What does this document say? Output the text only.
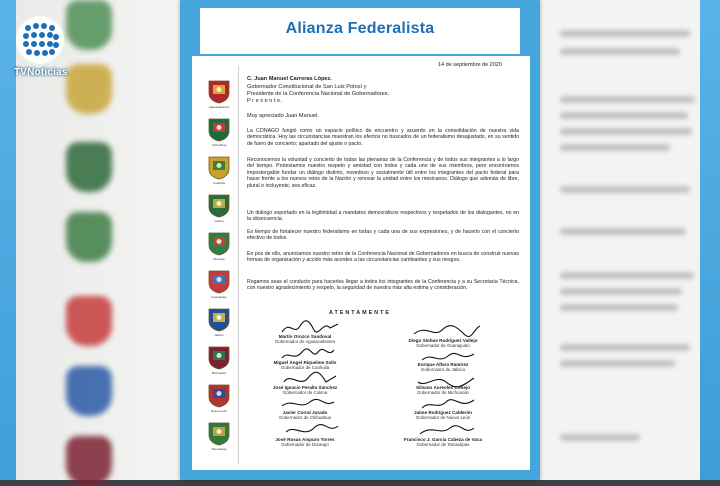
TVNoticias
Alianza Federalista
Aguascalientes
Chihuahua
Coahuila
Colima
Durango
Guanajuato
Jalisco
Michoacán
Nuevo León
Tamaulipas
14 de septiembre de 2020
C. Juan Manuel Carreras López.
Gobernador Constitucional de San Luis Potosí y
Presidente de la Conferencia Nacional de Gobernadores.
P r e s e n t e.
Muy apreciado Juan Manuel.
La CONAGO fungió como un espacio político de encuentro y acuerdo en la consolidación de nuestra vida democrática. Hoy las circunstancias muestran los efectos no buscados de un federalismo desajustado, en su sentido de fuero de concierto; apartado del ajuste o pacto.
Reconocemos la voluntad y concierto de todas las plenarias de la Conferencia y de todos sus integrantes a lo largo del tiempo. Protestamos nuestro respeto y amistad con todos y cada uno de sus miembros, pero encontramos impostergable fundar un diálogo distinto, novedoso y socialmente útil entre los integrantes del pacto federal para hacer frente a los nuevos retos de la Nación y renovar la unidad entre los mexicanos. Diálogo que además de libre, plural e incluyente, sea eficaz.
Un diálogo soportado en la legitimidad a mandatos democráticos respectivos y respetados de los dialogantes, no en la obsecuencia.
Es tiempo de fortalecer nuestro federalismo en todas y cada una de sus expresiones, y de hacerlo con el concierto efectivo de todos.
En pos de ello, anunciamos nuestro retiro de la Conferencia Nacional de Gobernadores en busca de construir nuevas formas de organización y acción más acordes a las circunstancias cambiantes y sus riesgos.
Rogamos seas el conducto para hacerles llegar a todos los integrantes de la Conferencia y a su Secretaría Técnica, con nuestro agradecimiento y respeto, la seguridad de nuestra más alta estima y consideración.
ATENTAMENTE
Martín Orozco Sandoval
Gobernador de Aguascalientes
Miguel Ángel Riquelme Solís
Gobernador de Coahuila
José Ignacio Peralta Sánchez
Gobernador de Colima
Javier Corral Jurado
Gobernador de Chihuahua
José Rosas Aispuro Torres
Gobernador de Durango
Diego Sinhue Rodríguez Vallejo
Gobernador de Guanajuato
Enrique Alfaro Ramírez
Gobernador de Jalisco
Silvano Aureoles Conejo
Gobernador de Michoacán
Jaime Rodríguez Calderón
Gobernador de Nuevo León
Francisco J. García Cabeza de Vaca
Gobernador de Tamaulipas
